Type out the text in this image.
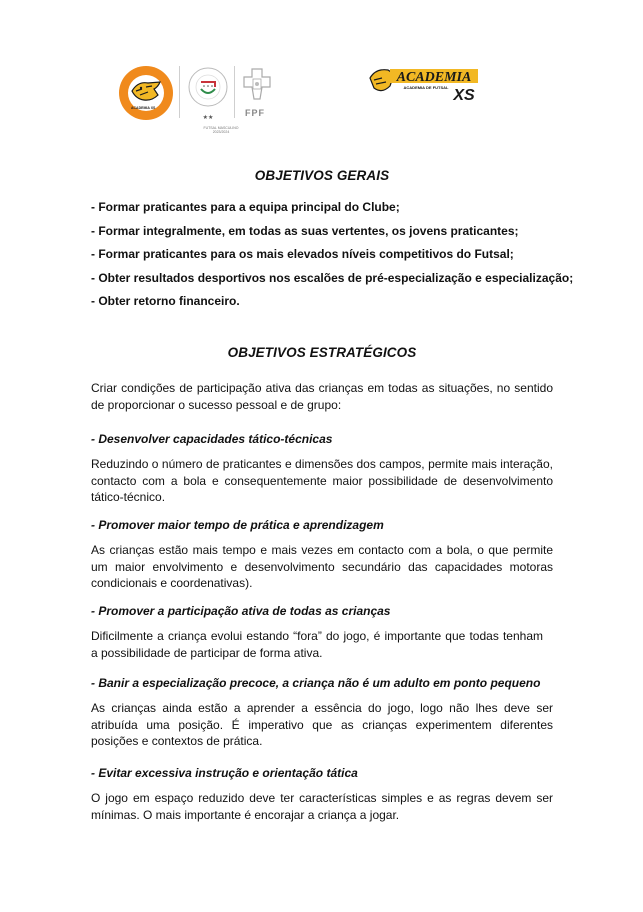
ACADEMIA XS
★★	FPF
FUTSAL MASCULINO
2023/2024
ACADEMIA
ACADEMIA DE FUTSAL XS
OBJETIVOS GERAIS
- Formar praticantes para a equipa principal do Clube;
- Formar integralmente, em todas as suas vertentes, os jovens praticantes;
- Formar praticantes para os mais elevados níveis competitivos do Futsal;
- Obter resultados desportivos nos escalões de pré-especialização e especialização;
- Obter retorno financeiro.
OBJETIVOS ESTRATÉGICOS
Criar condições de participação ativa das crianças em todas as situações, no sentido de proporcionar o sucesso pessoal e de grupo:
- Desenvolver capacidades tático-técnicas
Reduzindo o número de praticantes e dimensões dos campos, permite mais interação, contacto com a bola e consequentemente maior possibilidade de desenvolvimento tático-técnico.
- Promover maior tempo de prática e aprendizagem
As crianças estão mais tempo e mais vezes em contacto com a bola, o que permite um maior envolvimento e desenvolvimento secundário das capacidades motoras condicionais e coordenativas).
- Promover a participação ativa de todas as crianças
Dificilmente a criança evolui estando “fora” do jogo, é importante que todas tenham a possibilidade de participar de forma ativa.
- Banir a especialização precoce, a criança não é um adulto em ponto pequeno
As crianças ainda estão a aprender a essência do jogo, logo não lhes deve ser atribuída uma posição. É imperativo que as crianças experimentem diferentes posições e contextos de prática.
- Evitar excessiva instrução e orientação tática
O jogo em espaço reduzido deve ter características simples e as regras devem ser mínimas. O mais importante é encorajar a criança a jogar.
